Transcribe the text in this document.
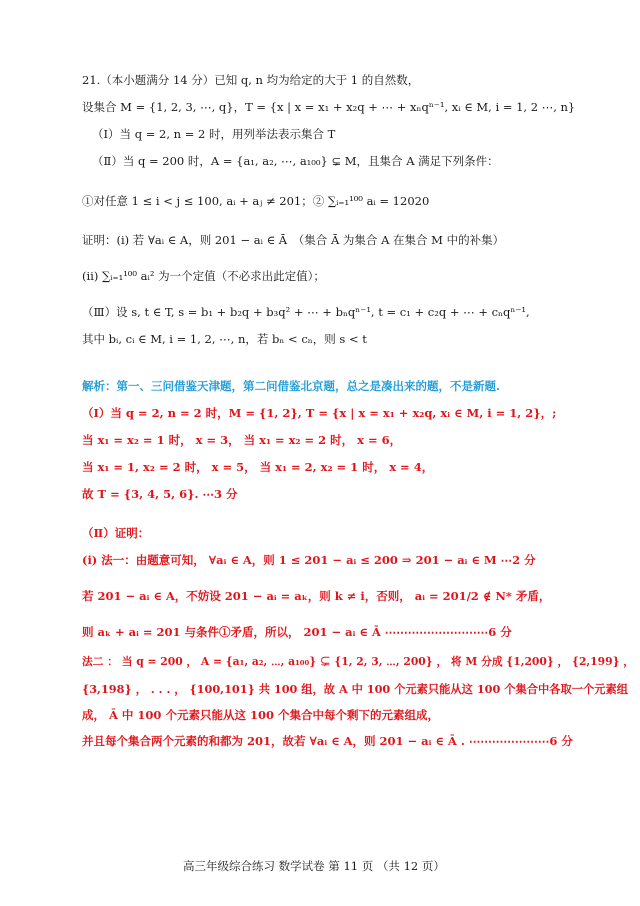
21.（本小题满分 14 分）已知 q, n 均为给定的大于 1 的自然数，
设集合 M = {1, 2, 3, ⋯, q}，T = {x | x = x₁ + x₂q + ⋯ + xₙqⁿ⁻¹, xᵢ ∈ M, i = 1, 2 ⋯, n}
（Ⅰ）当 q = 2, n = 2 时，用列举法表示集合 T
（Ⅱ）当 q = 200 时，A = {a₁, a₂, ⋯, a₁₀₀} ⊊ M，且集合 A 满足下列条件：
①对任意 1 ≤ i < j ≤ 100, aᵢ + aⱼ ≠ 201；② ∑ᵢ₌₁¹⁰⁰ aᵢ = 12020
证明：(ⅰ) 若 ∀aᵢ ∈ A，则 201 − aᵢ ∈ Ā　（集合 Ā 为集合 A 在集合 M 中的补集）
(ⅱ) ∑ᵢ₌₁¹⁰⁰ aᵢ² 为一个定值（不必求出此定值）；
（Ⅲ）设 s, t ∈ T, s = b₁ + b₂q + b₃q² + ⋯ + bₙqⁿ⁻¹, t = c₁ + c₂q + ⋯ + cₙqⁿ⁻¹,
其中 bᵢ, cᵢ ∈ M, i = 1, 2, ⋯, n，若 bₙ < cₙ，则 s < t
解析：第一、三问借鉴天津题，第二问借鉴北京题，总之是凑出来的题，不是新题.
（Ⅰ）当 q = 2, n = 2 时，M = {1, 2}, T = {x | x = x₁ + x₂q, xᵢ ∈ M, i = 1, 2}，;
当 x₁ = x₂ = 1 时， x = 3， 当 x₁ = x₂ = 2 时， x = 6，
当 x₁ = 1, x₂ = 2 时， x = 5， 当 x₁ = 2, x₂ = 1 时， x = 4，
故 T = {3, 4, 5, 6}. ⋯3 分
（Ⅱ）证明：
(ⅰ) 法一：由题意可知， ∀aᵢ ∈ A，则 1 ≤ 201 − aᵢ ≤ 200 ⇒ 201 − aᵢ ∈ M ⋯2 分
若 201 − aᵢ ∈ A，不妨设 201 − aᵢ = aₖ，则 k ≠ i，否则， aᵢ = 201/2 ∉ N* 矛盾，
则 aₖ + aᵢ = 201 与条件①矛盾，所以， 201 − aᵢ ∈ Ā ⋯⋯⋯⋯⋯⋯⋯⋯⋯6 分
法二 ： 当 q = 200 ， A = {a₁, a₂, ⋯, a₁₀₀} ⊊ {1, 2, 3, ⋯, 200} ， 将 M 分成 {1,200} ， {2,199} ，
{3,198} ， . . . ， {100,101} 共 100 组，故 A 中 100 个元素只能从这 100 个集合中各取一个元素组
成， Ā 中 100 个元素只能从这 100 个集合中每个剩下的元素组成，
并且每个集合两个元素的和都为 201，故若 ∀aᵢ ∈ A，则 201 − aᵢ ∈ Ā . ⋯⋯⋯⋯⋯⋯⋯6 分
高三年级综合练习 数学试卷 第 11 页 （共 12 页）
